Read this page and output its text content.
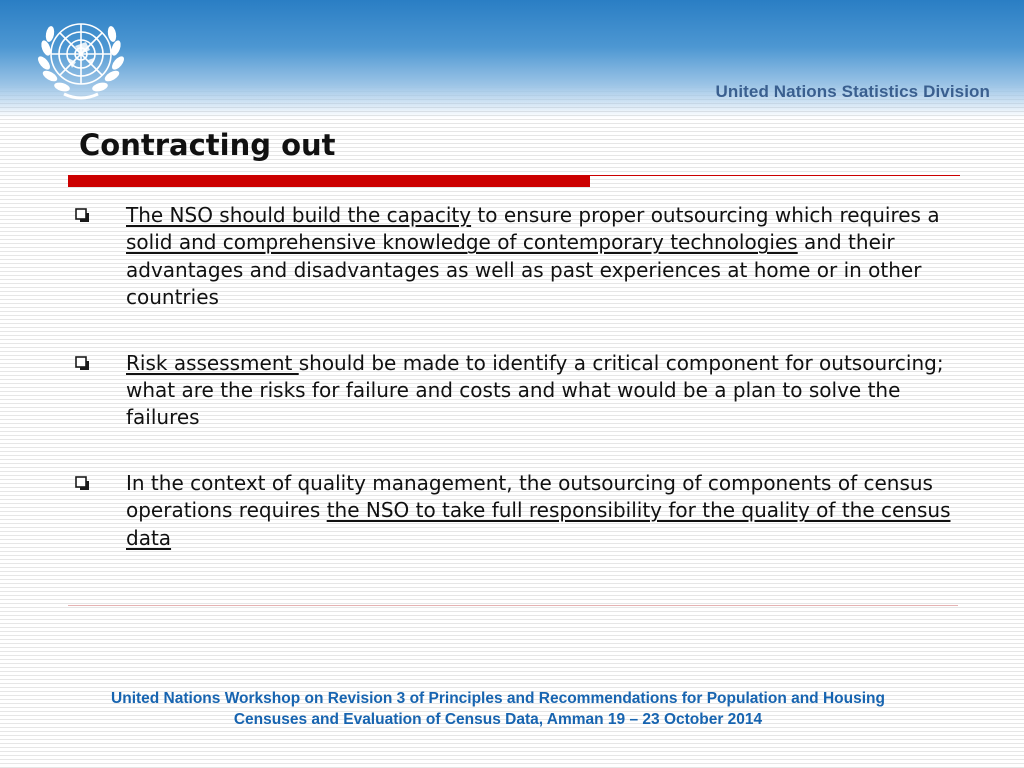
United Nations Statistics Division
Contracting out
The NSO should build the capacity to ensure proper outsourcing which requires a solid and comprehensive knowledge of contemporary technologies and their advantages and disadvantages as well as past experiences at home or in other countries
Risk assessment should be made to identify a critical component for outsourcing; what are the risks for failure and costs and what would be a plan to solve the failures
In the context of quality management, the outsourcing of components of census operations requires the NSO to take full responsibility for the quality of the census data
United Nations Workshop on Revision 3 of Principles and Recommendations for Population and Housing
Censuses and Evaluation of Census Data, Amman 19 – 23 October 2014
